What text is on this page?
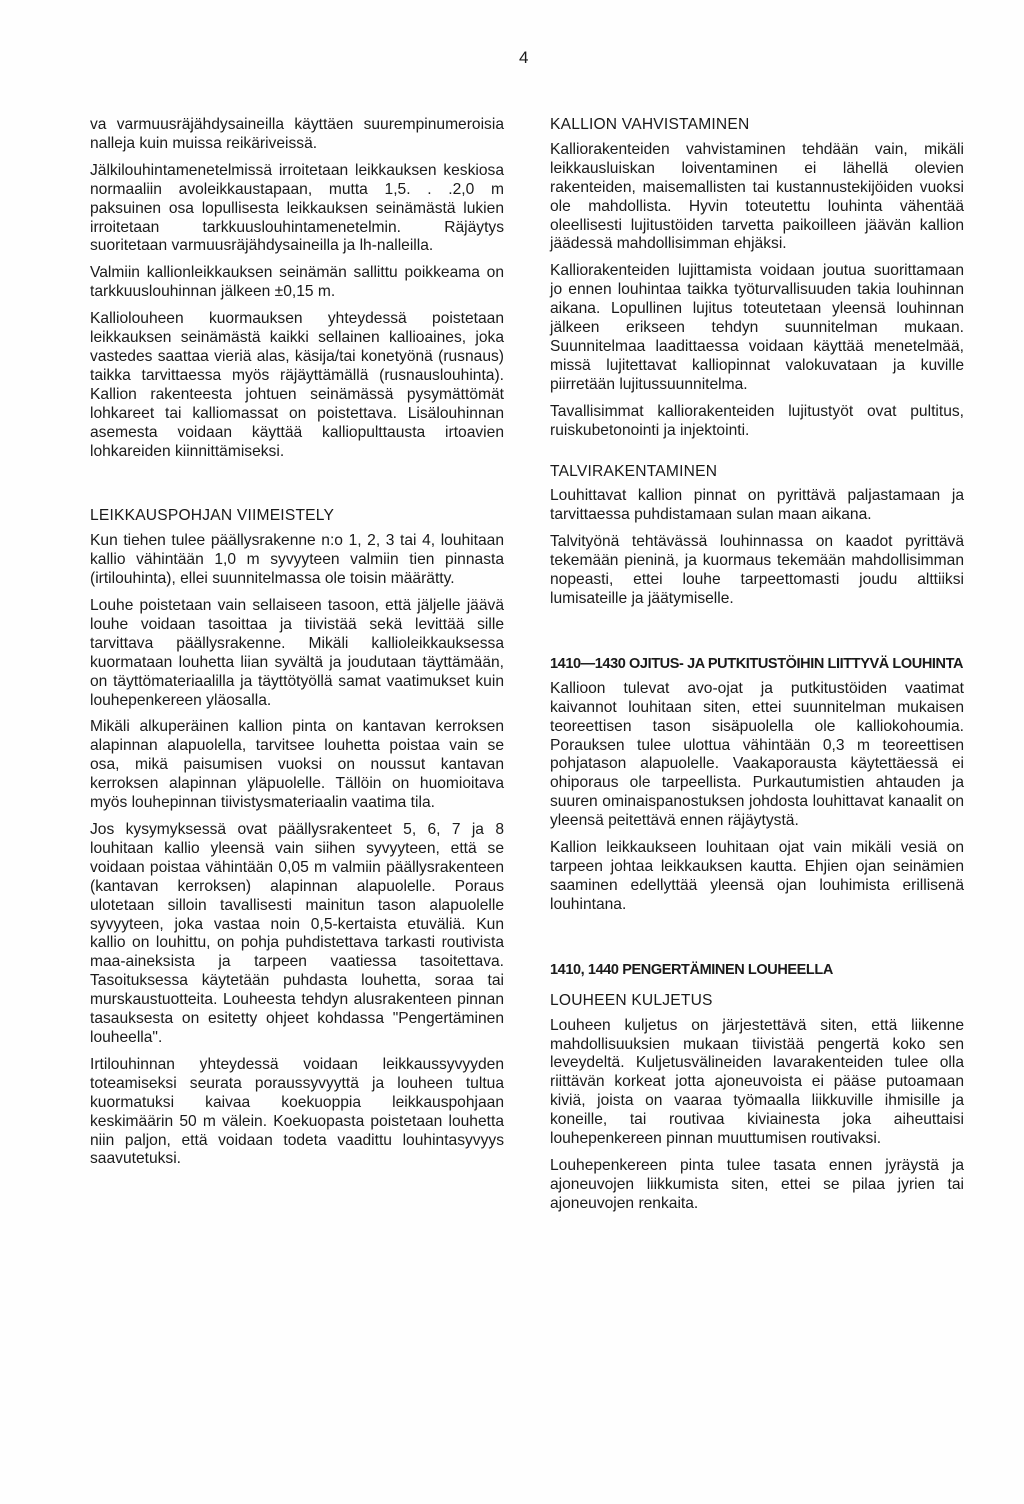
4

va varmuusräjähdysaineilla käyttäen suurempinumeroisia nalleja kuin muissa reikäriveissä.

Jälkilouhintamenetelmissä irroitetaan leikkauksen keskiosa normaaliin avoleikkaustapaan, mutta 1,5. . .2,0 m paksuinen osa lopullisesta leikkauksen seinämästä lukien irroitetaan tarkkuuslouhintamenetelmin. Räjäytys suoritetaan varmuusräjähdysaineilla ja lh-nalleilla.

Valmiin kallionleikkauksen seinämän sallittu poikkeama on tarkkuuslouhinnan jälkeen ±0,15 m.

Kalliolouheen kuormauksen yhteydessä poistetaan leikkauksen seinämästä kaikki sellainen kallioaines, joka vastedes saattaa vieriä alas, käsija/tai konetyönä (rusnaus) taikka tarvittaessa myös räjäyttämällä (rusnauslouhinta). Kallion rakenteesta johtuen seinämässä pysymättömät lohkareet tai kalliomassat on poistettava. Lisälouhinnan asemesta voidaan käyttää kalliopulttausta irtoavien lohkareiden kiinnittämiseksi.

LEIKKAUSPOHJAN VIIMEISTELY

Kun tiehen tulee päällysrakenne n:o 1, 2, 3 tai 4, louhitaan kallio vähintään 1,0 m syvyyteen valmiin tien pinnasta (irtilouhinta), ellei suunnitelmassa ole toisin määrätty.

Louhe poistetaan vain sellaiseen tasoon, että jäljelle jäävä louhe voidaan tasoittaa ja tiivistää sekä levittää sille tarvittava päällysrakenne. Mikäli kallioleikkauksessa kuormataan louhetta liian syvältä ja joudutaan täyttämään, on täyttömateriaalilla ja täyttötyöllä samat vaatimukset kuin louhepenkereen yläosalla.

Mikäli alkuperäinen kallion pinta on kantavan kerroksen alapinnan alapuolella, tarvitsee louhetta poistaa vain se osa, mikä paisumisen vuoksi on noussut kantavan kerroksen alapinnan yläpuolelle. Tällöin on huomioitava myös louhepinnan tiivistysmateriaalin vaatima tila.

Jos kysymyksessä ovat päällysrakenteet 5, 6, 7 ja 8 louhitaan kallio yleensä vain siihen syvyyteen, että se voidaan poistaa vähintään 0,05 m valmiin päällysrakenteen (kantavan kerroksen) alapinnan alapuolelle. Poraus ulotetaan silloin tavallisesti mainitun tason alapuolelle syvyyteen, joka vastaa noin 0,5-kertaista etuväliä. Kun kallio on louhittu, on pohja puhdistettava tarkasti routivista maa-aineksista ja tarpeen vaatiessa tasoitettava. Tasoituksessa käytetään puhdasta louhetta, soraa tai murskaustuotteita. Louheesta tehdyn alusrakenteen pinnan tasauksesta on esitetty ohjeet kohdassa "Pengertäminen louheella".

Irtilouhinnan yhteydessä voidaan leikkaussyvyyden toteamiseksi seurata poraussyvyyttä ja louheen tultua kuormatuksi kaivaa koekuoppia leikkauspohjaan keskimäärin 50 m välein. Koekuopasta poistetaan louhetta niin paljon, että voidaan todeta vaadittu louhintasyvyys saavutetuksi.

KALLION VAHVISTAMINEN

Kalliorakenteiden vahvistaminen tehdään vain, mikäli leikkausluiskan loiventaminen ei lähellä olevien rakenteiden, maisemallisten tai kustannustekijöiden vuoksi ole mahdollista. Hyvin toteutettu louhinta vähentää oleellisesti lujitustöiden tarvetta paikoilleen jäävän kallion jäädessä mahdollisimman ehjäksi.

Kalliorakenteiden lujittamista voidaan joutua suorittamaan jo ennen louhintaa taikka työturvallisuuden takia louhinnan aikana. Lopullinen lujitus toteutetaan yleensä louhinnan jälkeen erikseen tehdyn suunnitelman mukaan. Suunnitelmaa laadittaessa voidaan käyttää menetelmää, missä lujitettavat kalliopinnat valokuvataan ja kuville piirretään lujitussuunnitelma.

Tavallisimmat kalliorakenteiden lujitustyöt ovat pultitus, ruiskubetonointi ja injektointi.

TALVIRAKENTAMINEN

Louhittavat kallion pinnat on pyrittävä paljastamaan ja tarvittaessa puhdistamaan sulan maan aikana.

Talvityönä tehtävässä louhinnassa on kaadot pyrittävä tekemään pieninä, ja kuormaus tekemään mahdollisimman nopeasti, ettei louhe tarpeettomasti joudu alttiiksi lumisateille ja jäätymiselle.

1410—1430 OJITUS- JA PUTKITUSTÖIHIN LIITTYVÄ LOUHINTA

Kallioon tulevat avo-ojat ja putkitustöiden vaatimat kaivannot louhitaan siten, ettei suunnitelman mukaisen teoreettisen tason sisäpuolella ole kalliokohoumia. Porauksen tulee ulottua vähintään 0,3 m teoreettisen pohjatason alapuolelle. Vaakaporausta käytettäessä ei ohiporaus ole tarpeellista. Purkautumistien ahtauden ja suuren ominaispanostuksen johdosta louhittavat kanaalit on yleensä peitettävä ennen räjäytystä.

Kallion leikkaukseen louhitaan ojat vain mikäli vesiä on tarpeen johtaa leikkauksen kautta. Ehjien ojan seinämien saaminen edellyttää yleensä ojan louhimista erillisenä louhintana.

1410, 1440 PENGERTÄMINEN LOUHEELLA
LOUHEEN KULJETUS

Louheen kuljetus on järjestettävä siten, että liikenne mahdollisuuksien mukaan tiivistää pengertä koko sen leveydeltä. Kuljetusvälineiden lavarakenteiden tulee olla riittävän korkeat jotta ajoneuvoista ei pääse putoamaan kiviä, joista on vaaraa työmaalla liikkuville ihmisille ja koneille, tai routivaa kiviainesta joka aiheuttaisi louhepenkereen pinnan muuttumisen routivaksi.

Louhepenkereen pinta tulee tasata ennen jyräystä ja ajoneuvojen liikkumista siten, ettei se pilaa jyrien tai ajoneuvojen renkaita.
